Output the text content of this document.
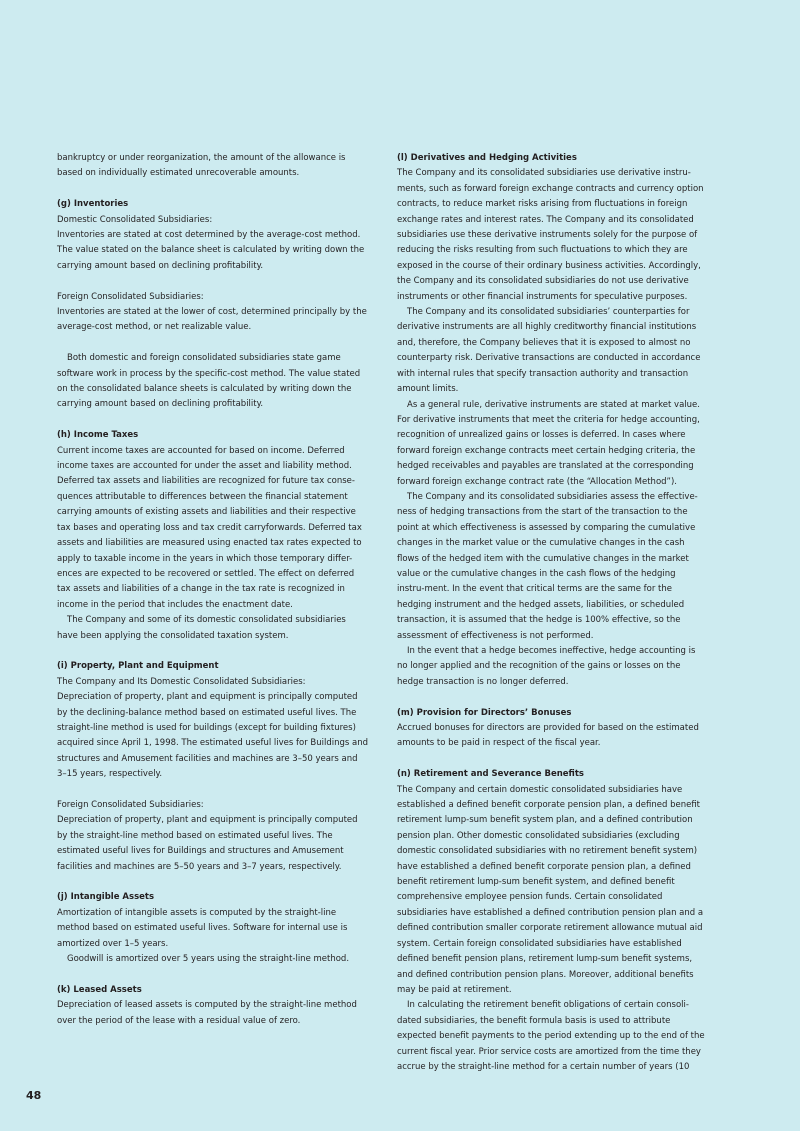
bankruptcy or under reorganization, the amount of the allowance is based on individually estimated unrecoverable amounts.

(g) Inventories

Domestic Consolidated Subsidiaries:

Inventories are stated at cost determined by the average-cost method. The value stated on the balance sheet is calculated by writing down the carrying amount based on declining profitability.

Foreign Consolidated Subsidiaries:

Inventories are stated at the lower of cost, determined principally by the average-cost method, or net realizable value.

Both domestic and foreign consolidated subsidiaries state game software work in process by the specific-cost method. The value stated on the consolidated balance sheets is calculated by writing down the carrying amount based on declining profitability.

(h) Income Taxes

Current income taxes are accounted for based on income. Deferred income taxes are accounted for under the asset and liability method. Deferred tax assets and liabilities are recognized for future tax conse-quences attributable to differences between the financial statement carrying amounts of existing assets and liabilities and their respective tax bases and operating loss and tax credit carryforwards. Deferred tax assets and liabilities are measured using enacted tax rates expected to apply to taxable income in the years in which those temporary differ-ences are expected to be recovered or settled. The effect on deferred tax assets and liabilities of a change in the tax rate is recognized in income in the period that includes the enactment date.

The Company and some of its domestic consolidated subsidiaries have been applying the consolidated taxation system.

(i) Property, Plant and Equipment

The Company and Its Domestic Consolidated Subsidiaries:

Depreciation of property, plant and equipment is principally computed by the declining-balance method based on estimated useful lives. The straight-line method is used for buildings (except for building fixtures) acquired since April 1, 1998. The estimated useful lives for Buildings and structures and Amusement facilities and machines are 3–50 years and 3–15 years, respectively.

Foreign Consolidated Subsidiaries:

Depreciation of property, plant and equipment is principally computed by the straight-line method based on estimated useful lives. The estimated useful lives for Buildings and structures and Amusement facilities and machines are 5–50 years and 3–7 years, respectively.

(j) Intangible Assets

Amortization of intangible assets is computed by the straight-line method based on estimated useful lives. Software for internal use is amortized over 1–5 years.

Goodwill is amortized over 5 years using the straight-line method.

(k) Leased Assets

Depreciation of leased assets is computed by the straight-line method over the period of the lease with a residual value of zero.

(l) Derivatives and Hedging Activities

The Company and its consolidated subsidiaries use derivative instru-ments, such as forward foreign exchange contracts and currency option contracts, to reduce market risks arising from fluctuations in foreign exchange rates and interest rates. The Company and its consolidated subsidiaries use these derivative instruments solely for the purpose of reducing the risks resulting from such fluctuations to which they are exposed in the course of their ordinary business activities. Accordingly, the Company and its consolidated subsidiaries do not use derivative instruments or other financial instruments for speculative purposes.

The Company and its consolidated subsidiaries’ counterparties for derivative instruments are all highly creditworthy financial institutions and, therefore, the Company believes that it is exposed to almost no counterparty risk. Derivative transactions are conducted in accordance with internal rules that specify transaction authority and transaction amount limits.

As a general rule, derivative instruments are stated at market value. For derivative instruments that meet the criteria for hedge accounting, recognition of unrealized gains or losses is deferred. In cases where forward foreign exchange contracts meet certain hedging criteria, the hedged receivables and payables are translated at the corresponding forward foreign exchange contract rate (the “Allocation Method”).

The Company and its consolidated subsidiaries assess the effective-ness of hedging transactions from the start of the transaction to the point at which effectiveness is assessed by comparing the cumulative changes in the market value or the cumulative changes in the cash flows of the hedged item with the cumulative changes in the market value or the cumulative changes in the cash flows of the hedging instru-ment. In the event that critical terms are the same for the hedging instrument and the hedged assets, liabilities, or scheduled transaction, it is assumed that the hedge is 100% effective, so the assessment of effectiveness is not performed.

In the event that a hedge becomes ineffective, hedge accounting is no longer applied and the recognition of the gains or losses on the hedge transaction is no longer deferred.

(m) Provision for Directors’ Bonuses

Accrued bonuses for directors are provided for based on the estimated amounts to be paid in respect of the fiscal year.

(n) Retirement and Severance Benefits

The Company and certain domestic consolidated subsidiaries have established a defined benefit corporate pension plan, a defined benefit retirement lump-sum benefit system plan, and a defined contribution pension plan. Other domestic consolidated subsidiaries (excluding domestic consolidated subsidiaries with no retirement benefit system) have established a defined benefit corporate pension plan, a defined benefit retirement lump-sum benefit system, and defined benefit comprehensive employee pension funds. Certain consolidated subsidiaries have established a defined contribution pension plan and a defined contribution smaller corporate retirement allowance mutual aid system. Certain foreign consolidated subsidiaries have established defined benefit pension plans, retirement lump-sum benefit systems, and defined contribution pension plans. Moreover, additional benefits may be paid at retirement.

In calculating the retirement benefit obligations of certain consoli-dated subsidiaries, the benefit formula basis is used to attribute expected benefit payments to the period extending up to the end of the current fiscal year. Prior service costs are amortized from the time they accrue by the straight-line method for a certain number of years (10

48
